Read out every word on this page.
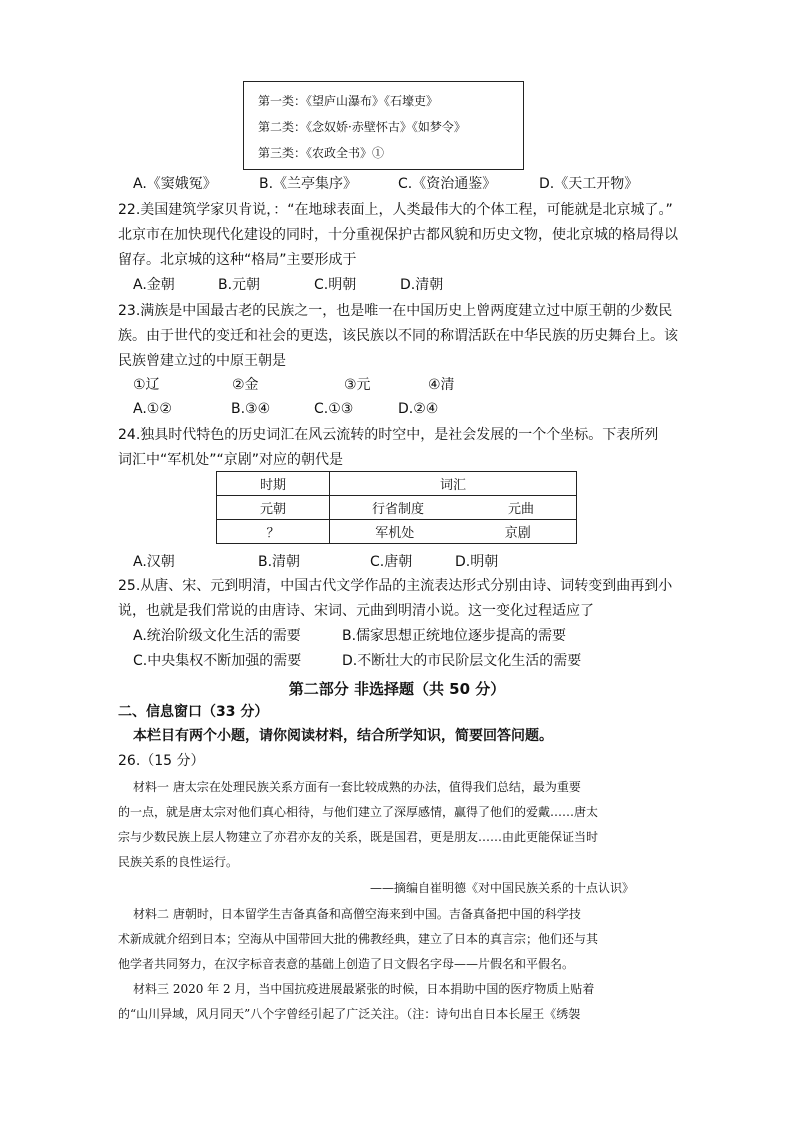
第一类：《望庐山瀑布》《石壕吏》
第二类：《念奴娇·赤壁怀古》《如梦令》
第三类：《农政全书》①
A.《窦娥冤》	B.《兰亭集序》	C.《资治通鉴》	D.《天工开物》
22.美国建筑学家贝肯说，：“在地球表面上，人类最伟大的个体工程，可能就是北京城了。”
北京市在加快现代化建设的同时，十分重视保护古都风貌和历史文物，使北京城的格局得以
留存。北京城的这种“格局”主要形成于
A.金朝	B.元朝	C.明朝	D.清朝
23.满族是中国最古老的民族之一，也是唯一在中国历史上曾两度建立过中原王朝的少数民
族。由于世代的变迁和社会的更迭，该民族以不同的称谓活跃在中华民族的历史舞台上。该
民族曾建立过的中原王朝是
①辽	②金	③元	④清
A.①②	B.③④	C.①③	D.②④
24.独具时代特色的历史词汇在风云流转的时空中，是社会发展的一个个坐标。下表所列
词汇中“军机处”“京剧”对应的朝代是
时期	词汇
元朝	行省制度 元曲

？	军机处 京剧
A.汉朝	B.清朝	C.唐朝	D.明朝
25.从唐、宋、元到明清，中国古代文学作品的主流表达形式分别由诗、词转变到曲再到小
说，也就是我们常说的由唐诗、宋词、元曲到明清小说。这一变化过程适应了
A.统治阶级文化生活的需要	B.儒家思想正统地位逐步提高的需要
C.中央集权不断加强的需要	D.不断壮大的市民阶层文化生活的需要
第二部分 非选择题（共 50 分）
二、信息窗口（33 分）
本栏目有两个小题，请你阅读材料，结合所学知识，简要回答问题。
26.（15 分）
材料一 唐太宗在处理民族关系方面有一套比较成熟的办法，值得我们总结，最为重要
的一点，就是唐太宗对他们真心相待，与他们建立了深厚感情，赢得了他们的爱戴……唐太
宗与少数民族上层人物建立了亦君亦友的关系，既是国君，更是朋友……由此更能保证当时
民族关系的良性运行。
——摘编自崔明德《对中国民族关系的十点认识》
材料二 唐朝时，日本留学生吉备真备和高僧空海来到中国。吉备真备把中国的科学技
术新成就介绍到日本；空海从中国带回大批的佛教经典，建立了日本的真言宗；他们还与其
他学者共同努力，在汉字标音表意的基础上创造了日文假名字母——片假名和平假名。
材料三 2020 年 2 月，当中国抗疫进展最紧张的时候，日本捐助中国的医疗物质上贴着
的“山川异域，风月同天”八个字曾经引起了广泛关注。（注：诗句出自日本长屋王《绣袈
